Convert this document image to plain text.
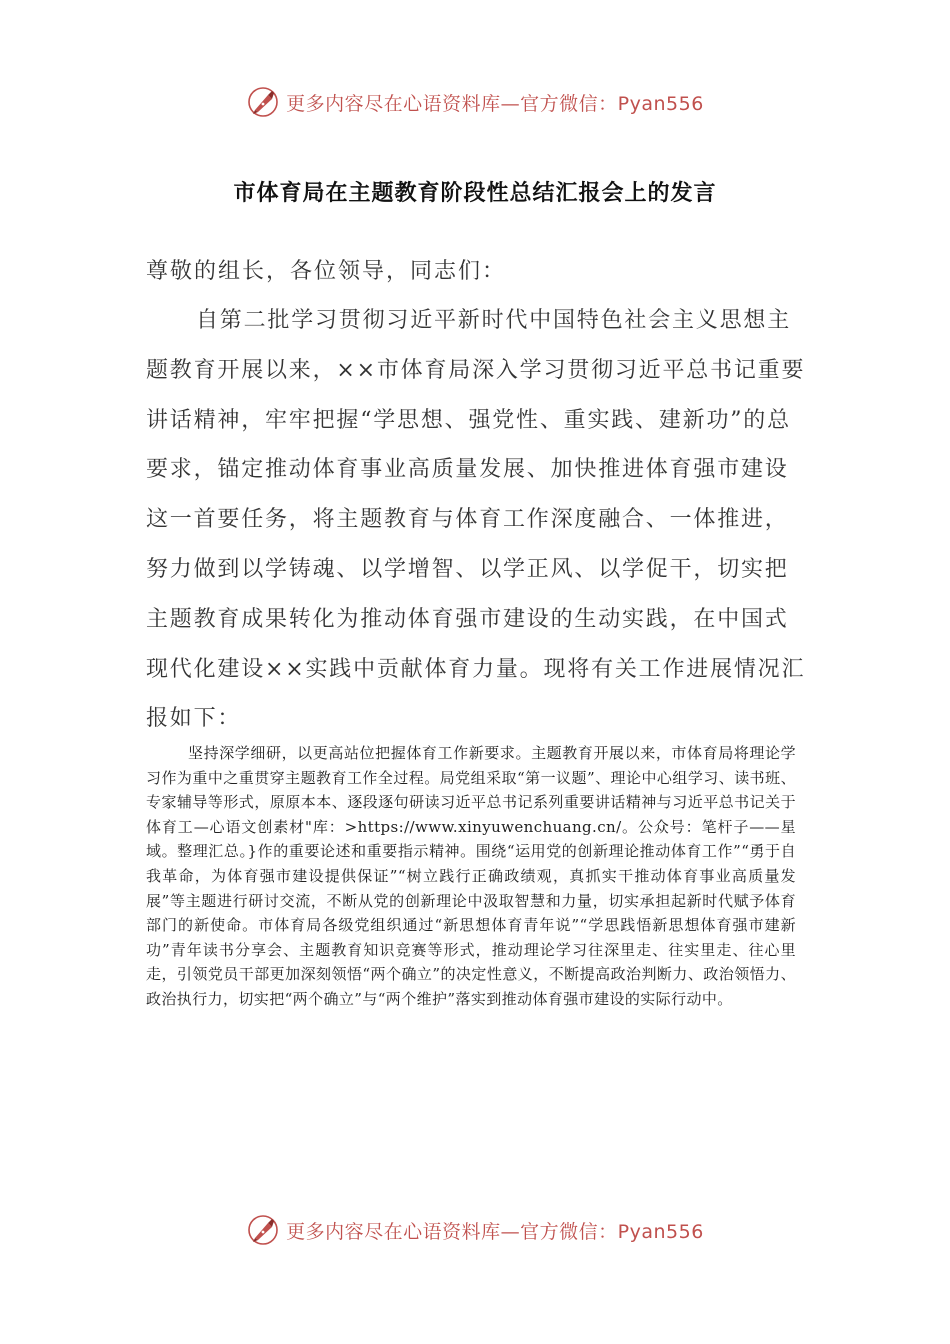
更多内容尽在心语资料库—官方微信：Pyan556
市体育局在主题教育阶段性总结汇报会上的发言

尊敬的组长，各位领导，同志们：

自第二批学习贯彻习近平新时代中国特色社会主义思想主题教育开展以来，××市体育局深入学习贯彻习近平总书记重要讲话精神，牢牢把握“学思想、强党性、重实践、建新功”的总要求，锚定推动体育事业高质量发展、加快推进体育强市建设这一首要任务，将主题教育与体育工作深度融合、一体推进，努力做到以学铸魂、以学增智、以学正风、以学促干，切实把主题教育成果转化为推动体育强市建设的生动实践，在中国式现代化建设××实践中贡献体育力量。现将有关工作进展情况汇报如下：

坚持深学细研，以更高站位把握体育工作新要求。主题教育开展以来，市体育局将理论学习作为重中之重贯穿主题教育工作全过程。局党组采取“第一议题”、理论中心组学习、读书班、专家辅导等形式，原原本本、逐段逐句研读习近平总书记系列重要讲话精神与习近平总书记关于体育工—心语文创素材"库：>https://www.xinyuwenchuang.cn/。公众号：笔杆子——星域。整理汇总。}作的重要论述和重要指示精神。围绕“运用党的创新理论推动体育工作”“勇于自我革命，为体育强市建设提供保证”“树立践行正确政绩观，真抓实干推动体育事业高质量发展”等主题进行研讨交流，不断从党的创新理论中汲取智慧和力量，切实承担起新时代赋予体育部门的新使命。市体育局各级党组织通过“新思想体育青年说”“学思践悟新思想体育强市建新功”青年读书分享会、主题教育知识竞赛等形式，推动理论学习往深里走、往实里走、往心里走，引领党员干部更加深刻领悟“两个确立”的决定性意义，不断提高政治判断力、政治领悟力、政治执行力，切实把“两个确立”与“两个维护”落实到推动体育强市建设的实际行动中。

更多内容尽在心语资料库—官方微信：Pyan556
